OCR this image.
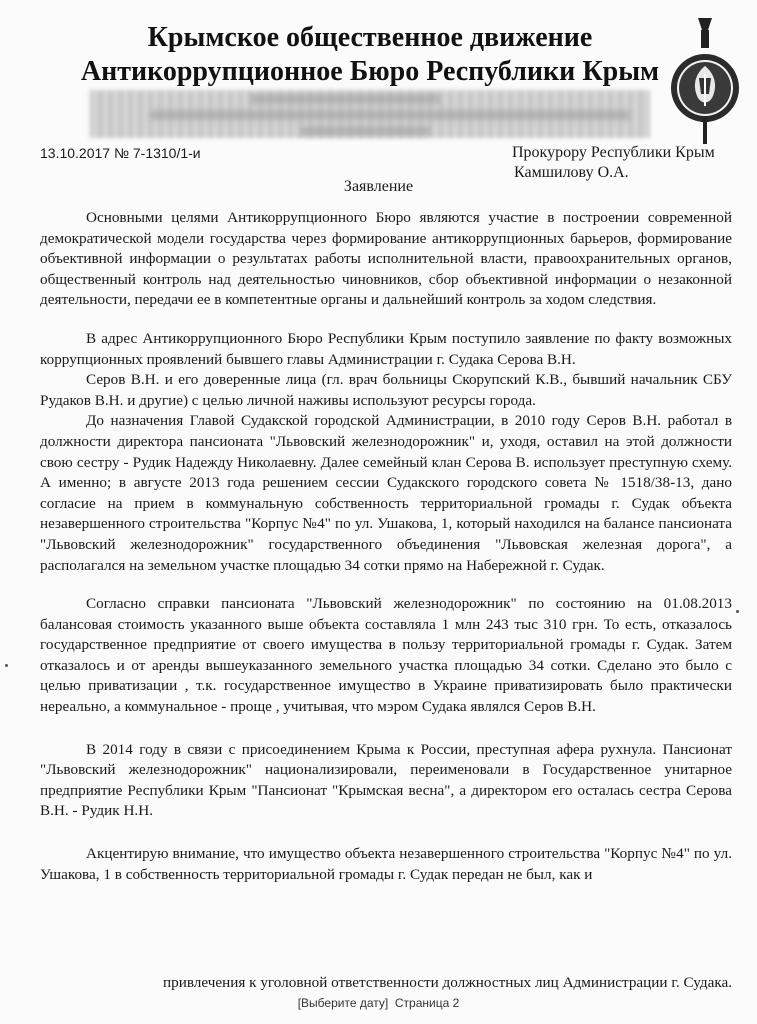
Крымское общественное движение
Антикоррупционное Бюро Республики Крым
13.10.2017 № 7-1310/1-и	Прокурору Республики Крым
Камшилову О.А.
Заявление

Основными целями Антикоррупционного Бюро являются участие в построении современной демократической модели государства через формирование антикоррупционных барьеров, формирование объективной информации о результатах работы исполнительной власти, правоохранительных органов, общественный контроль над деятельностью чиновников, сбор объективной информации о незаконной деятельности, передачи ее в компетентные органы и дальнейший контроль за ходом следствия.

В адрес Антикоррупционного Бюро Республики Крым поступило заявление по факту возможных коррупционных проявлений бывшего главы Администрации г. Судака Серова В.Н.

Серов В.Н. и его доверенные лица (гл. врач больницы Скорупский К.В., бывший начальник СБУ Рудаков В.Н. и другие) с целью личной наживы используют ресурсы города.

До назначения Главой Судакской городской Администрации, в 2010 году Серов В.Н. работал в должности директора пансионата "Львовский железнодорожник" и, уходя, оставил на этой должности свою сестру - Рудик Надежду Николаевну. Далее семейный клан Серова В. использует преступную схему. А именно; в августе 2013 года решением сессии Судакского городского совета № 1518/38-13, дано согласие на прием в коммунальную собственность территориальной громады г. Судак объекта незавершенного строительства "Корпус №4" по ул. Ушакова, 1, который находился на балансе пансионата "Львовский железнодорожник" государственного объединения "Львовская железная дорога", а располагался на земельном участке площадью 34 сотки прямо на Набережной г. Судак.

Согласно справки пансионата "Львовский железнодорожник" по состоянию на 01.08.2013 балансовая стоимость указанного выше объекта составляла 1 млн 243 тыс 310 грн. То есть, отказалось государственное предприятие от своего имущества в пользу территориальной громады г. Судак. Затем отказалось и от аренды вышеуказанного земельного участка площадью 34 сотки. Сделано это было с целью приватизации , т.к. государственное имущество в Украине приватизировать было практически нереально, а коммунальное - проще , учитывая, что мэром Судака являлся Серов В.Н.

В 2014 году в связи с присоединением Крыма к России, преступная афера рухнула. Пансионат "Львовский железнодорожник" национализировали, переименовали в Государственное унитарное предприятие Республики Крым "Пансионат "Крымская весна", а директором его осталась сестра Серова В.Н. - Рудик Н.Н.

Акцентирую внимание, что имущество объекта незавершенного строительства "Корпус №4" по ул. Ушакова, 1 в собственность территориальной громады г. Судак передан не был, как и

привлечения к уголовной ответственности должностных лиц Администрации г. Судака.
[Выберите дату] Страница 2
